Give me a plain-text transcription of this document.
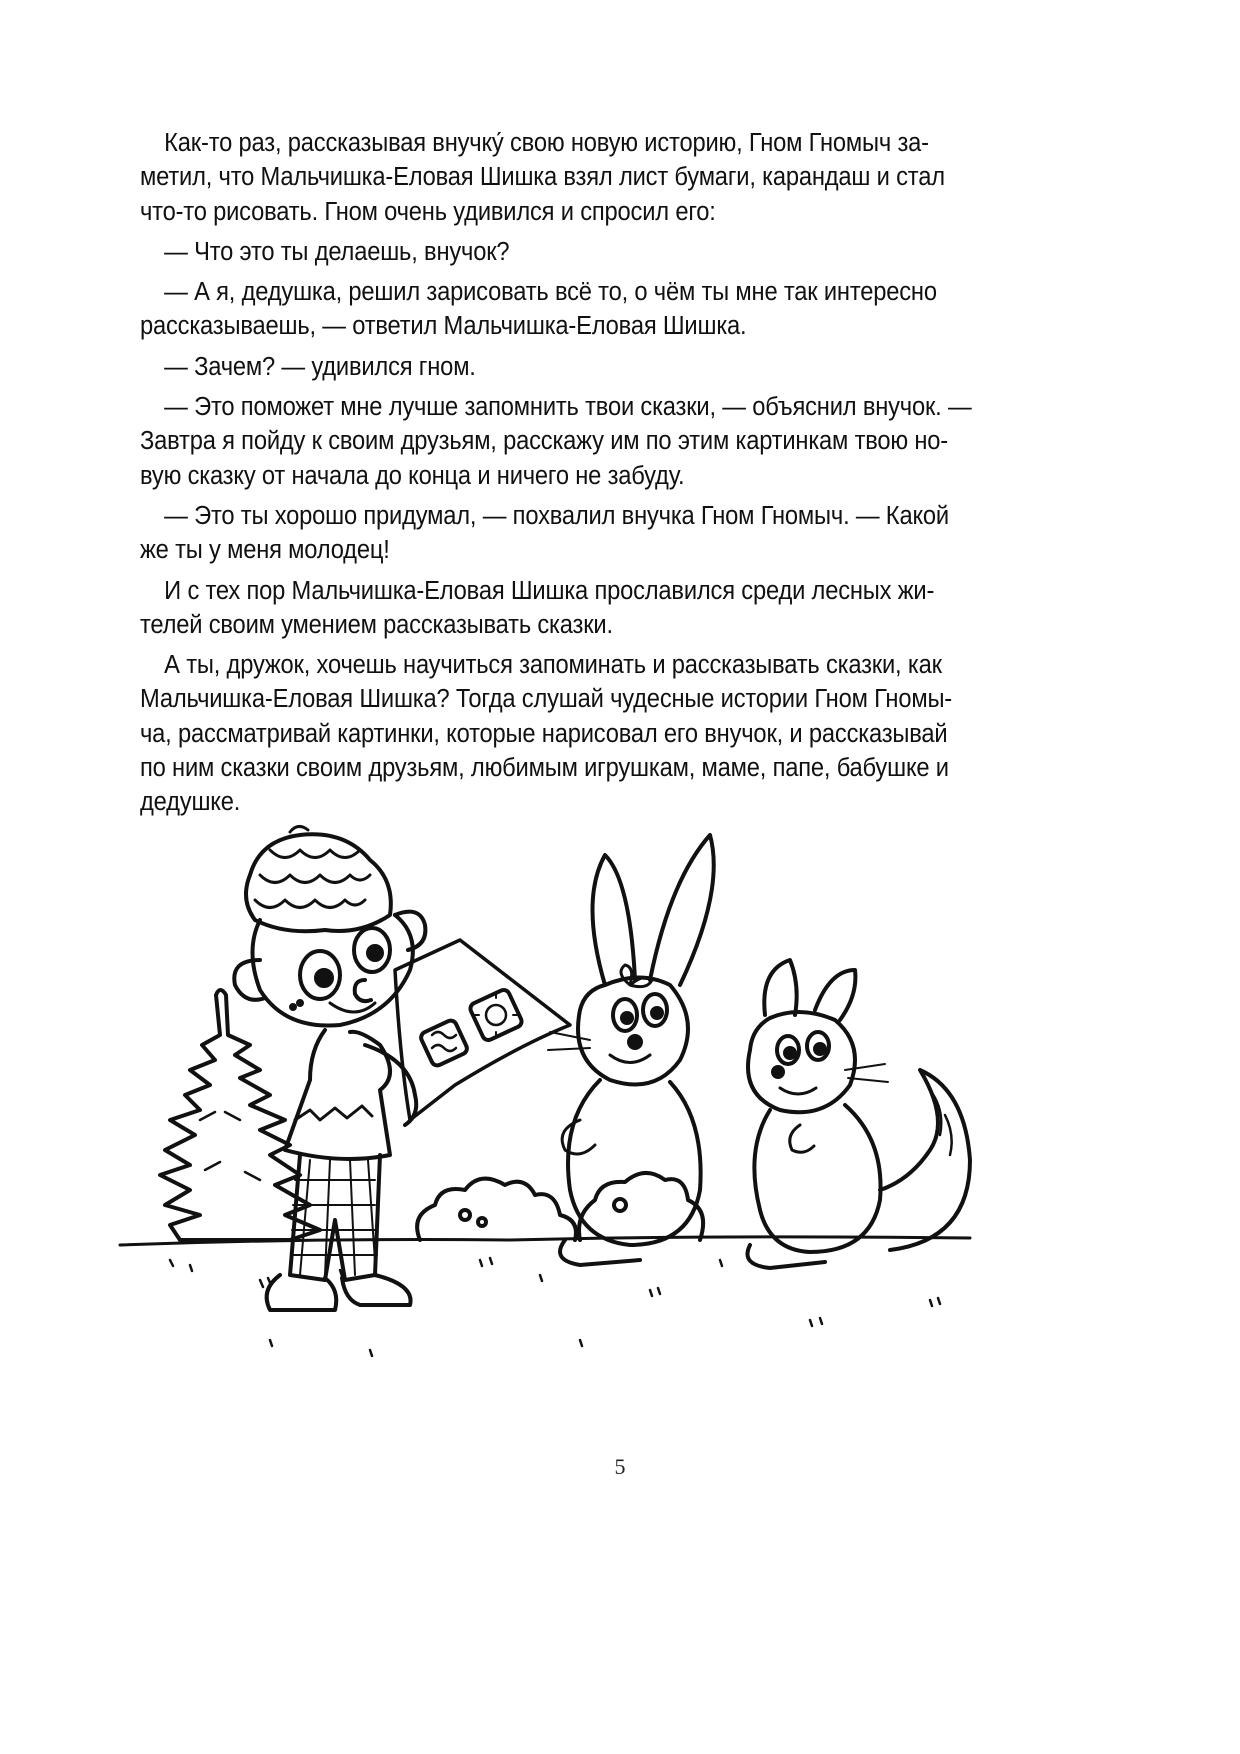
Как-то раз, рассказывая внучку́ свою новую историю, Гном Гномыч за-
метил, что Мальчишка-Еловая Шишка взял лист бумаги, карандаш и стал
что-то рисовать. Гном очень удивился и спросил его:

— Что это ты делаешь, внучок?

— А я, дедушка, решил зарисовать всё то, о чём ты мне так интересно
рассказываешь, — ответил Мальчишка-Еловая Шишка.

— Зачем? — удивился гном.

— Это поможет мне лучше запомнить твои сказки, — объяснил внучок. —
Завтра я пойду к своим друзьям, расскажу им по этим картинкам твою но-
вую сказку от начала до конца и ничего не забуду.

— Это ты хорошо придумал, — похвалил внучка Гном Гномыч. — Какой
же ты у меня молодец!

И с тех пор Мальчишка-Еловая Шишка прославился среди лесных жи-
телей своим умением рассказывать сказки.

А ты, дружок, хочешь научиться запоминать и рассказывать сказки, как
Мальчишка-Еловая Шишка? Тогда слушай чудесные истории Гном Гномы-
ча, рассматривай картинки, которые нарисовал его внучок, и рассказывай
по ним сказки своим друзьям, любимым игрушкам, маме, папе, бабушке и
дедушке.

5
